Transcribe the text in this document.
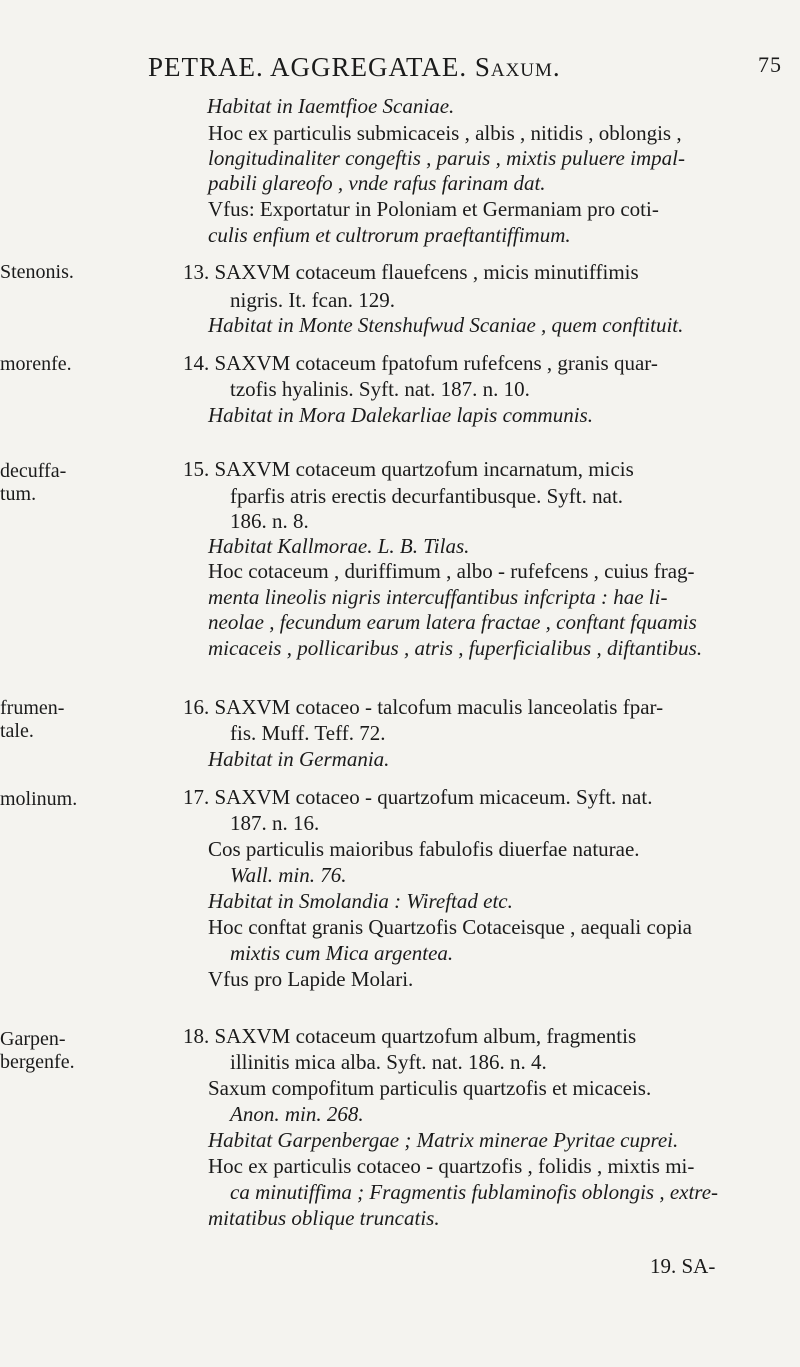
PETRAE. AGGREGATAE. Saxum.	75
Habitat in Iaemtfioe Scaniae.
Hoc ex particulis submicaceis , albis , nitidis , oblongis ,
longitudinaliter congeftis , paruis , mixtis puluere impal-
pabili glareofo , vnde rafus farinam dat.
Vfus: Exportatur in Poloniam et Germaniam pro coti-
culis enfium et cultrorum praeftantiffimum.
Stenonis.	13. SAXVM cotaceum flauefcens , micis minutiffimis
nigris. It. fcan. 129.
Habitat in Monte Stenshufwud Scaniae , quem conftituit.
morenfe.	14. SAXVM cotaceum fpatofum rufefcens , granis quar-
tzofis hyalinis. Syft. nat. 187. n. 10.
Habitat in Mora Dalekarliae lapis communis.
decuffa-
tum.
15. SAXVM cotaceum quartzofum incarnatum, micis
fparfis atris erectis decurfantibusque. Syft. nat.
186. n. 8.
Habitat Kallmorae. L. B. Tilas.
Hoc cotaceum , duriffimum , albo - rufefcens , cuius frag-
menta lineolis nigris intercuffantibus infcripta : hae li-
neolae , fecundum earum latera fractae , conftant fquamis
micaceis , pollicaribus , atris , fuperficialibus , diftantibus.
frumen-
tale.
16. SAXVM cotaceo - talcofum maculis lanceolatis fpar-
fis. Muff. Teff. 72.
Habitat in Germania.
molinum.	17. SAXVM cotaceo - quartzofum micaceum. Syft. nat.
187. n. 16.
Cos particulis maioribus fabulofis diuerfae naturae.
Wall. min. 76.
Habitat in Smolandia : Wireftad etc.
Hoc conftat granis Quartzofis Cotaceisque , aequali copia
mixtis cum Mica argentea.
Vfus pro Lapide Molari.
Garpen-
bergenfe.
18. SAXVM cotaceum quartzofum album, fragmentis
illinitis mica alba. Syft. nat. 186. n. 4.
Saxum compofitum particulis quartzofis et micaceis.
Anon. min. 268.
Habitat Garpenbergae ; Matrix minerae Pyritae cuprei.
Hoc ex particulis cotaceo - quartzofis , folidis , mixtis mi-
ca minutiffima ; Fragmentis fublaminofis oblongis , extre-
mitatibus oblique truncatis.
19. SA-
